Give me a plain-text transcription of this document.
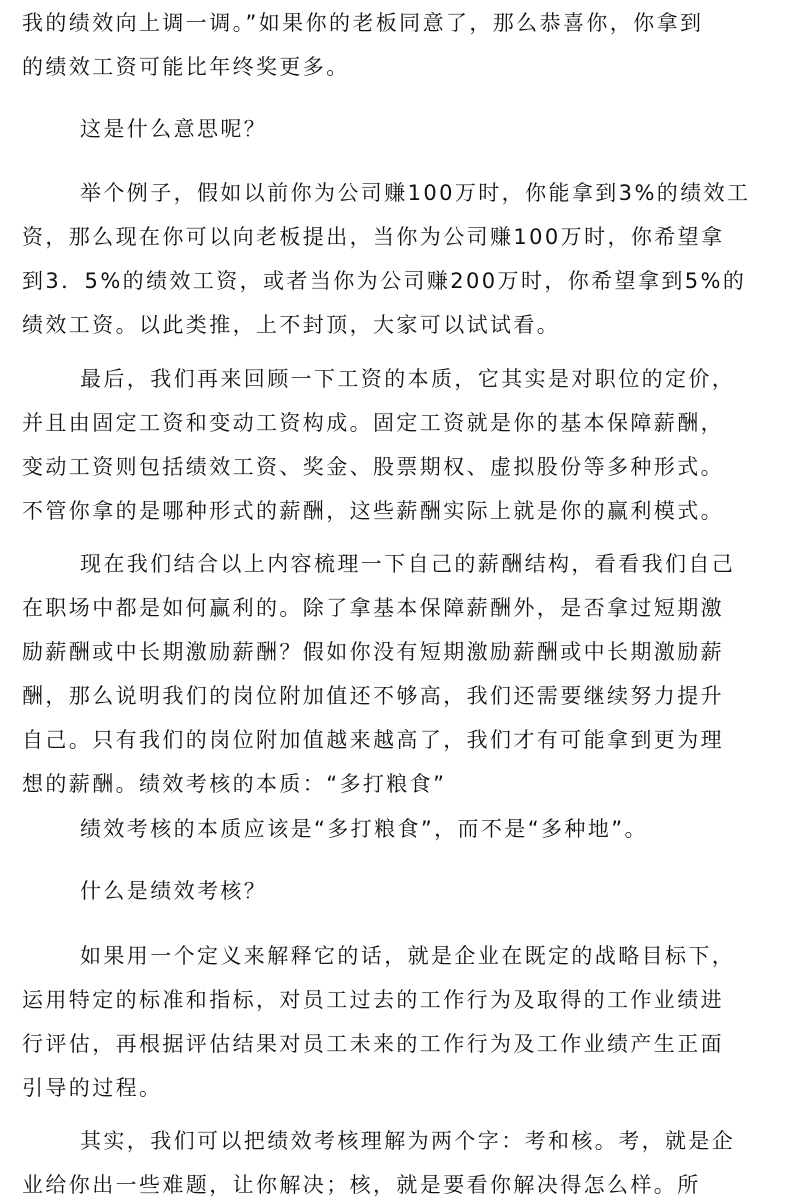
我的绩效向上调一调。”如果你的老板同意了，那么恭喜你，你拿到
的绩效工资可能比年终奖更多。
这是什么意思呢？
举个例子，假如以前你为公司赚100万时，你能拿到3%的绩效工
资，那么现在你可以向老板提出，当你为公司赚100万时，你希望拿
到3．5%的绩效工资，或者当你为公司赚200万时，你希望拿到5%的
绩效工资。以此类推，上不封顶，大家可以试试看。
最后，我们再来回顾一下工资的本质，它其实是对职位的定价，
并且由固定工资和变动工资构成。固定工资就是你的基本保障薪酬，
变动工资则包括绩效工资、奖金、股票期权、虚拟股份等多种形式。
不管你拿的是哪种形式的薪酬，这些薪酬实际上就是你的赢利模式。
现在我们结合以上内容梳理一下自己的薪酬结构，看看我们自己
在职场中都是如何赢利的。除了拿基本保障薪酬外，是否拿过短期激
励薪酬或中长期激励薪酬？假如你没有短期激励薪酬或中长期激励薪
酬，那么说明我们的岗位附加值还不够高，我们还需要继续努力提升
自己。只有我们的岗位附加值越来越高了，我们才有可能拿到更为理
想的薪酬。绩效考核的本质：“多打粮食”
绩效考核的本质应该是“多打粮食”，而不是“多种地”。
什么是绩效考核？
如果用一个定义来解释它的话，就是企业在既定的战略目标下，
运用特定的标准和指标，对员工过去的工作行为及取得的工作业绩进
行评估，再根据评估结果对员工未来的工作行为及工作业绩产生正面
引导的过程。
其实，我们可以把绩效考核理解为两个字：考和核。考，就是企
业给你出一些难题，让你解决；核，就是要看你解决得怎么样。所
